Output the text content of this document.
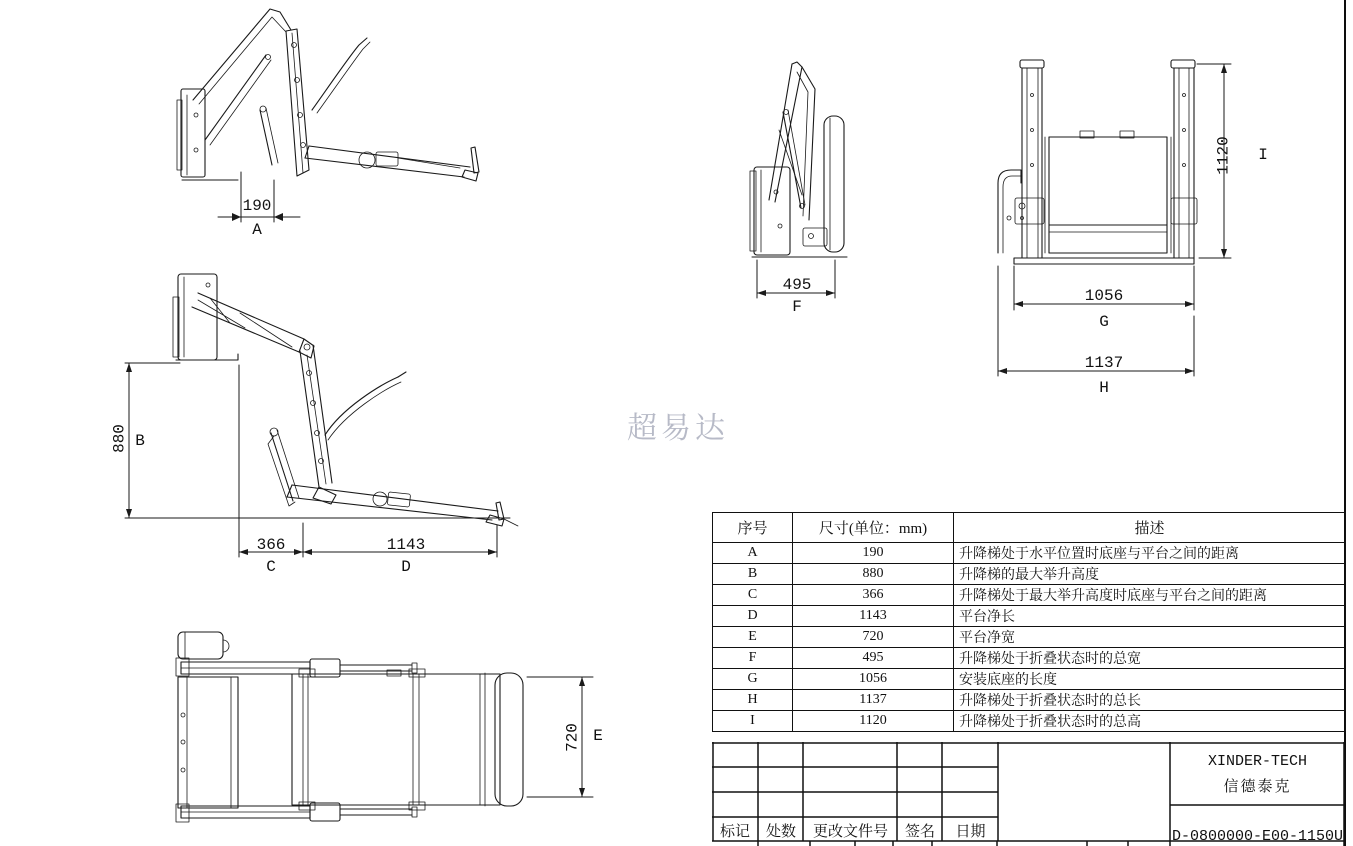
190
A
880 B
366
C
1143
D
720 E
495
F
1120 I
1056
G
1137
H
超易达
序号	尺寸(单位：mm)	描述
A	190	升降梯处于水平位置时底座与平台之间的距离
B	880	升降梯的最大举升高度
C	366	升降梯处于最大举升高度时底座与平台之间的距离
D	1143	平台净长
E	720	平台净宽
F	495	升降梯处于折叠状态时的总宽
G	1056	安装底座的长度
H	1137	升降梯处于折叠状态时的总长
I	1120	升降梯处于折叠状态时的总高
标记	处数	更改文件号	签名	日期
XINDER-TECH
信德泰克
D-0800000-E00-1150U
